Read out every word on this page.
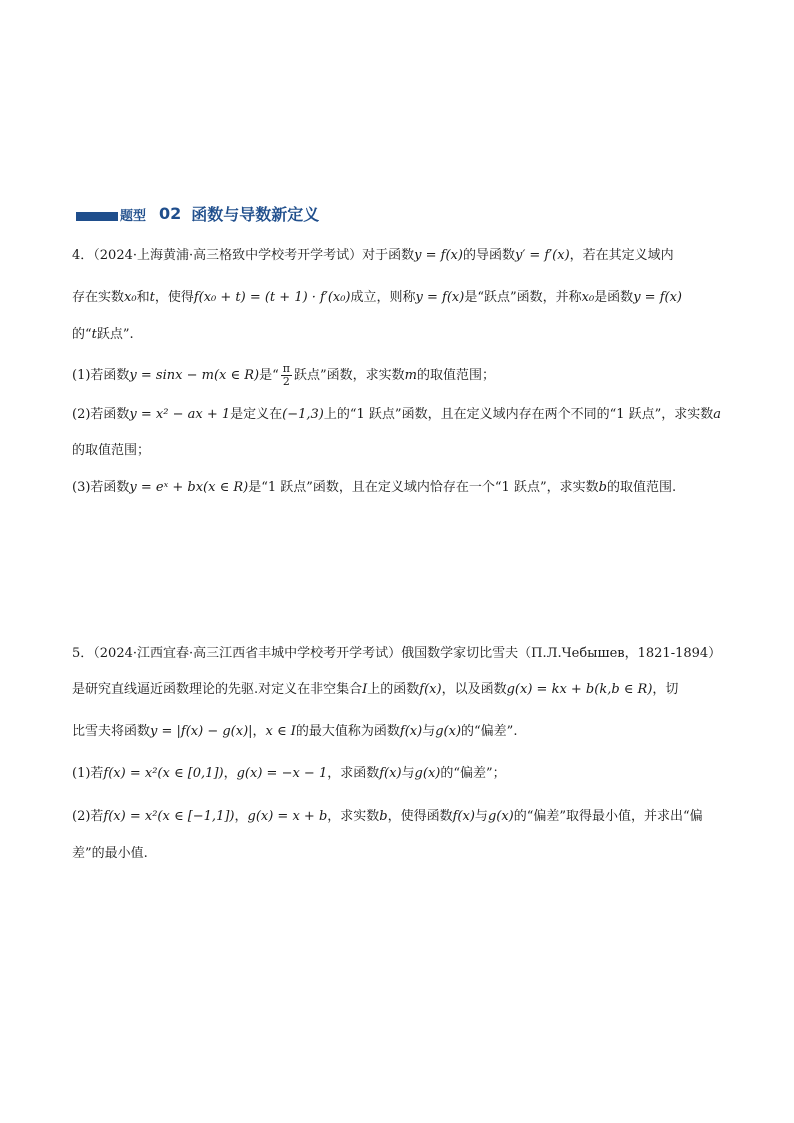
题型 02 函数与导数新定义
4．（2024·上海黄浦·高三格致中学校考开学考试）对于函数y = f(x)的导函数y′ = f′(x)，若在其定义域内
存在实数x₀和t，使得f(x₀ + t) = (t + 1) · f′(x₀)成立，则称y = f(x)是“跃点”函数，并称x₀是函数y = f(x)
的“t跃点”.
(1)若函数y = sinx − m(x ∈ R)是“ $\frac{\pi}{2}$ 跃点”函数，求实数m的取值范围；
(2)若函数y = x² − ax + 1是定义在(−1,3)上的“1 跃点”函数，且在定义域内存在两个不同的“1 跃点”，求实数a
的取值范围；
(3)若函数y = eˣ + bx(x ∈ R)是“1 跃点”函数，且在定义域内恰存在一个“1 跃点”，求实数b的取值范围.
5．（2024·江西宜春·高三江西省丰城中学校考开学考试）俄国数学家切比雪夫（П.Л.Чебышев，1821-1894）
是研究直线逼近函数理论的先驱.对定义在非空集合I上的函数f(x)，以及函数g(x) = kx + b(k,b ∈ R)，切
比雪夫将函数y = |f(x) − g(x)|，x ∈ I的最大值称为函数f(x)与g(x)的“偏差”.
(1)若f(x) = x²(x ∈ [0,1])，g(x) = −x − 1，求函数f(x)与g(x)的“偏差”；
(2)若f(x) = x²(x ∈ [−1,1])，g(x) = x + b，求实数b，使得函数f(x)与g(x)的“偏差”取得最小值，并求出“偏
差”的最小值.
